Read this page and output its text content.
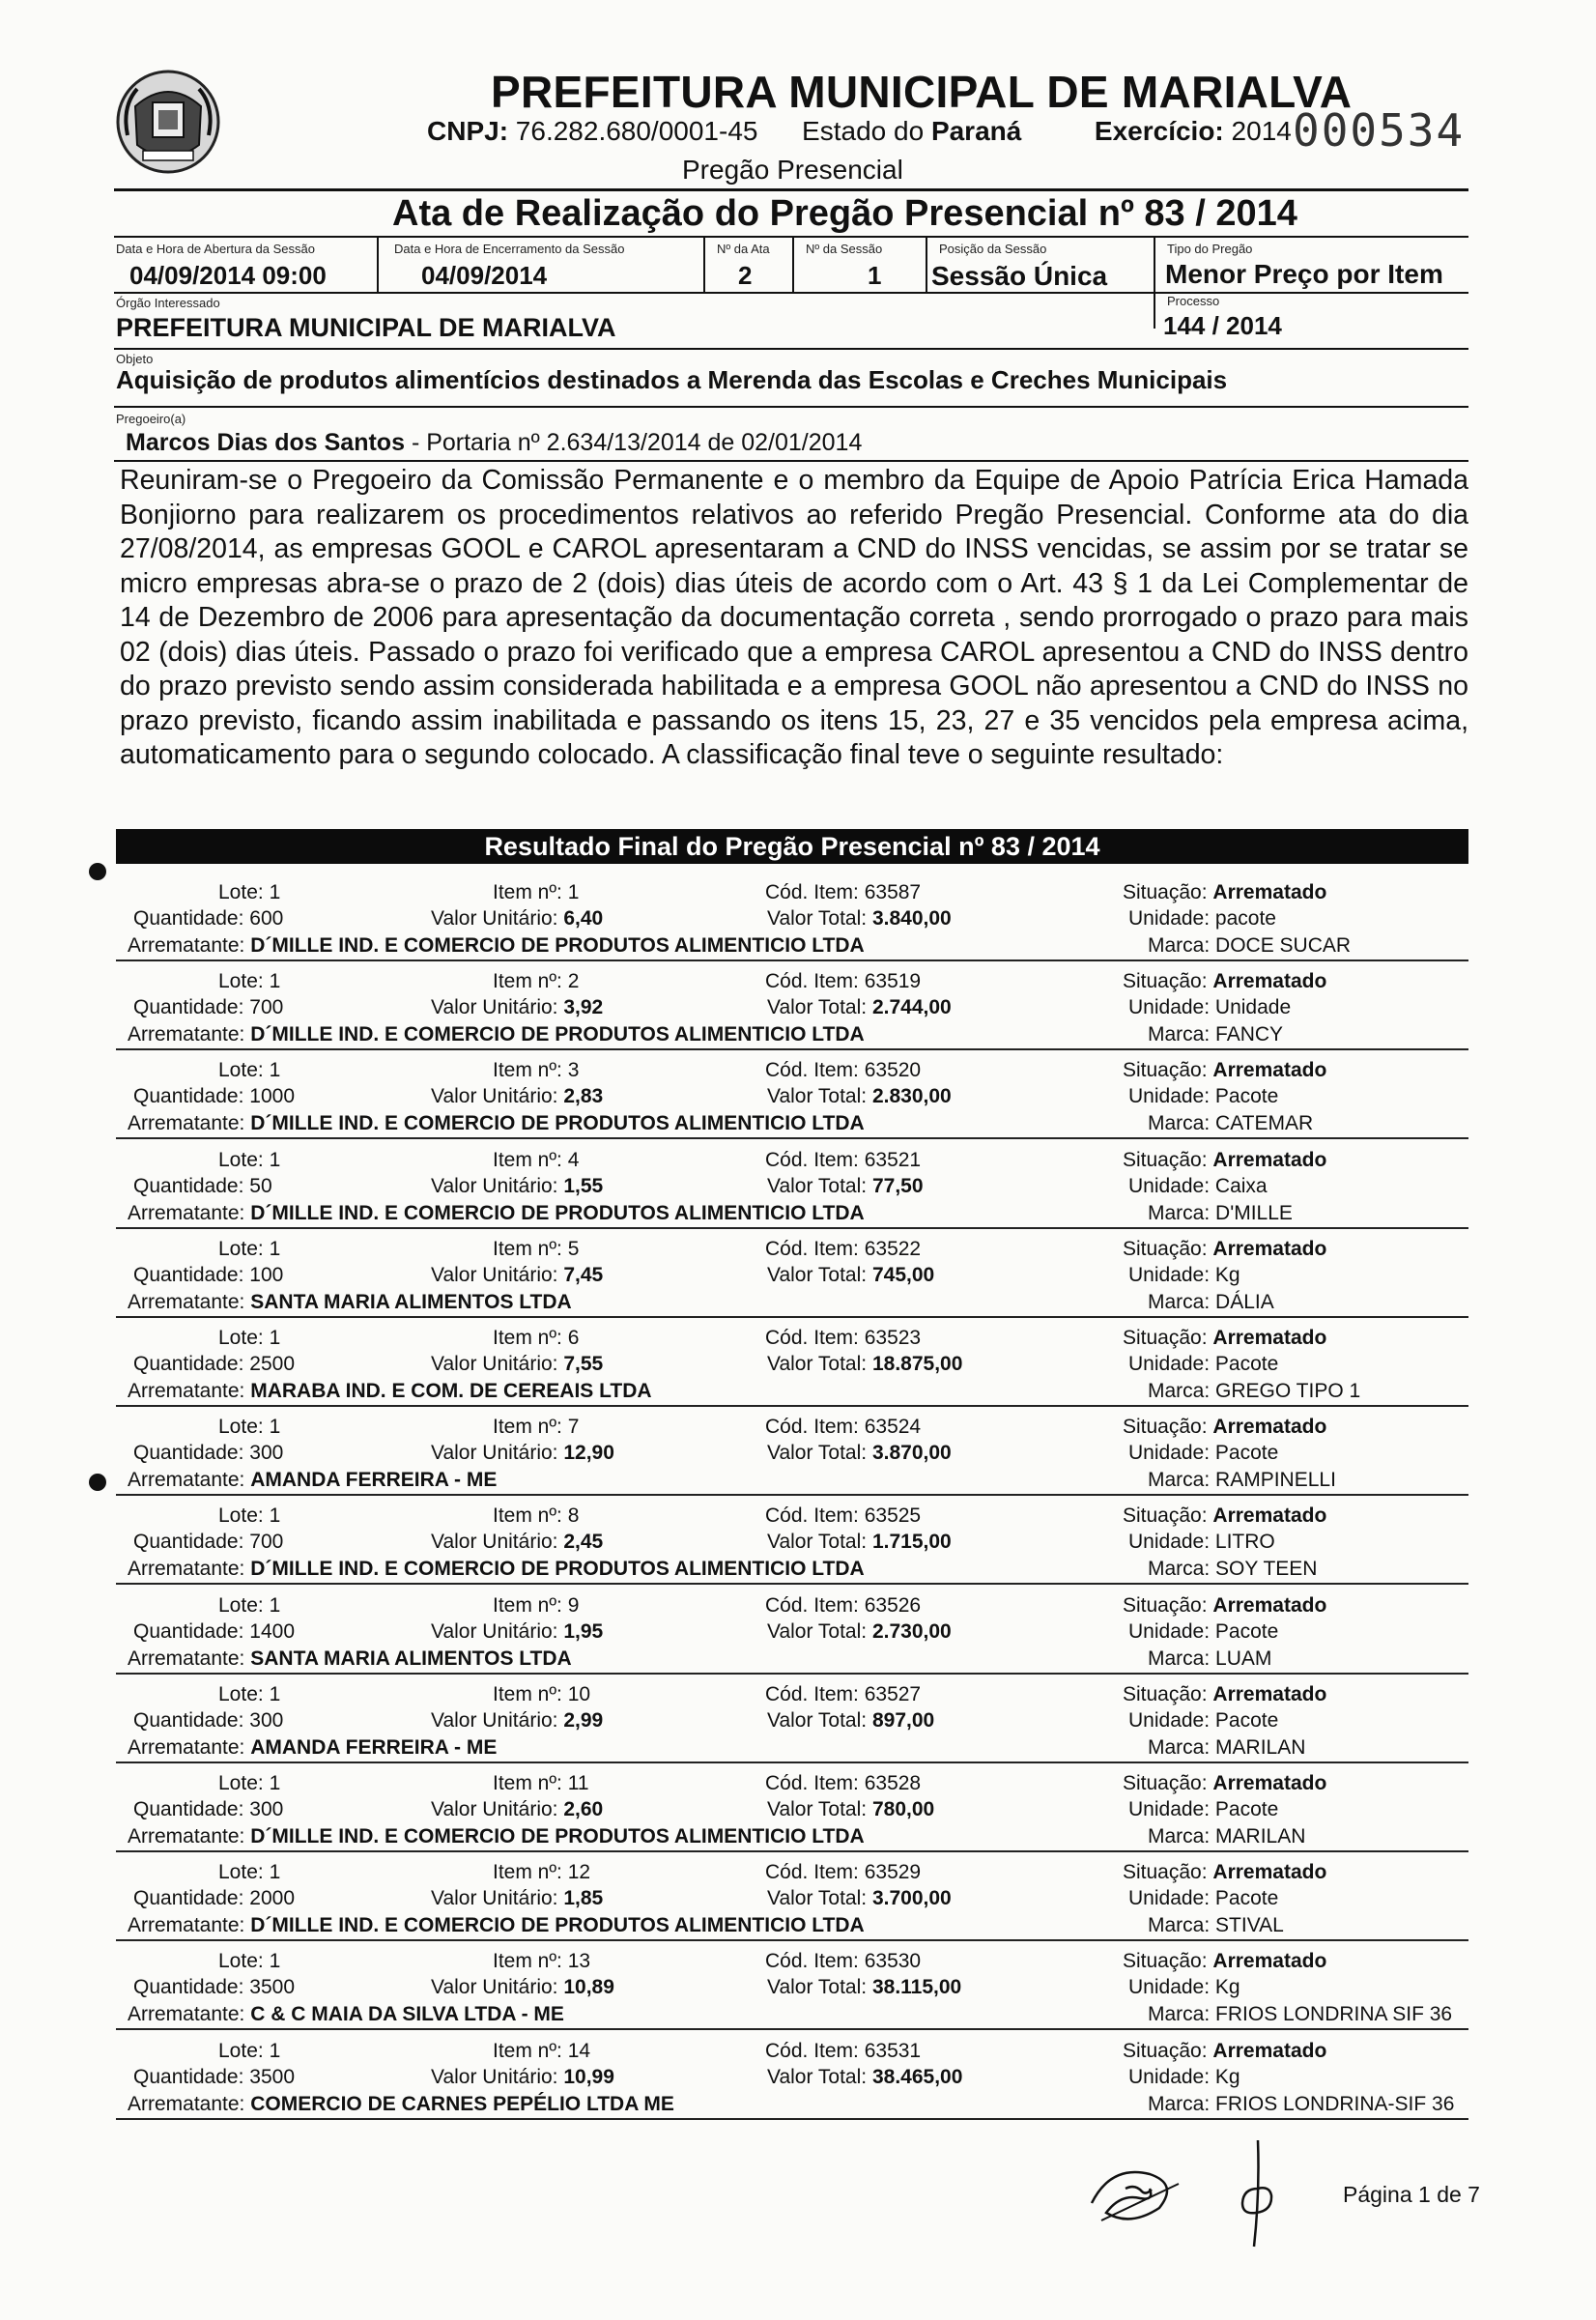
PREFEITURA MUNICIPAL DE MARIALVA
CNPJ: 76.282.680/0001-45 Estado do Paraná	Exercício: 2014
Pregão Presencial
000534
Ata de Realização do Pregão Presencial nº 83 / 2014
Data e Hora de Abertura da Sessão
04/09/2014 09:00
Data e Hora de Encerramento da Sessão
04/09/2014
Nº da Ata
2
Nº da Sessão
1
Posição da Sessão
Sessão Única
Tipo do Pregão
Menor Preço por Item
Órgão Interessado
PREFEITURA MUNICIPAL DE MARIALVA
Processo
144 / 2014
Objeto
Aquisição de produtos alimentícios destinados a Merenda das Escolas e Creches Municipais
Pregoeiro(a)
Marcos Dias dos Santos - Portaria nº 2.634/13/2014 de 02/01/2014

Reuniram-se o Pregoeiro da Comissão Permanente e o membro da Equipe de Apoio Patrícia Erica Hamada Bonjiorno para realizarem os procedimentos relativos ao referido Pregão Presencial. Conforme ata do dia 27/08/2014, as empresas GOOL e CAROL apresentaram a CND do INSS vencidas, se assim por se tratar se micro empresas abra-se o prazo de 2 (dois) dias úteis de acordo com o Art. 43 § 1 da Lei Complementar de 14 de Dezembro de 2006 para apresentação da documentação correta , sendo prorrogado o prazo para mais 02 (dois) dias úteis. Passado o prazo foi verificado que a empresa CAROL apresentou a CND do INSS dentro do prazo previsto sendo assim considerada habilitada e a empresa GOOL não apresentou a CND do INSS no prazo previsto, ficando assim inabilitada e passando os itens 15, 23, 27 e 35 vencidos pela empresa acima, automaticamento para o segundo colocado. A classificação final teve o seguinte resultado:

Resultado Final do Pregão Presencial nº 83 / 2014
Lote: 1	Item nº: 1	Cód. Item: 63587	Situação: Arrematado
Quantidade: 600	Valor Unitário: 6,40	Valor Total: 3.840,00	Unidade: pacote
Arrematante: D´MILLE IND. E COMERCIO DE PRODUTOS ALIMENTICIO LTDA	Marca: DOCE SUCAR
Lote: 1	Item nº: 2	Cód. Item: 63519	Situação: Arrematado
Quantidade: 700	Valor Unitário: 3,92	Valor Total: 2.744,00	Unidade: Unidade
Arrematante: D´MILLE IND. E COMERCIO DE PRODUTOS ALIMENTICIO LTDA	Marca: FANCY
Lote: 1	Item nº: 3	Cód. Item: 63520	Situação: Arrematado
Quantidade: 1000	Valor Unitário: 2,83	Valor Total: 2.830,00	Unidade: Pacote
Arrematante: D´MILLE IND. E COMERCIO DE PRODUTOS ALIMENTICIO LTDA	Marca: CATEMAR
Lote: 1	Item nº: 4	Cód. Item: 63521	Situação: Arrematado
Quantidade: 50	Valor Unitário: 1,55	Valor Total: 77,50	Unidade: Caixa
Arrematante: D´MILLE IND. E COMERCIO DE PRODUTOS ALIMENTICIO LTDA	Marca: D'MILLE
Lote: 1	Item nº: 5	Cód. Item: 63522	Situação: Arrematado
Quantidade: 100	Valor Unitário: 7,45	Valor Total: 745,00	Unidade: Kg
Arrematante: SANTA MARIA ALIMENTOS LTDA	Marca: DÁLIA
Lote: 1	Item nº: 6	Cód. Item: 63523	Situação: Arrematado
Quantidade: 2500	Valor Unitário: 7,55	Valor Total: 18.875,00	Unidade: Pacote
Arrematante: MARABA IND. E COM. DE CEREAIS LTDA	Marca: GREGO TIPO 1
Lote: 1	Item nº: 7	Cód. Item: 63524	Situação: Arrematado
Quantidade: 300	Valor Unitário: 12,90	Valor Total: 3.870,00	Unidade: Pacote
Arrematante: AMANDA FERREIRA - ME	Marca: RAMPINELLI
Lote: 1	Item nº: 8	Cód. Item: 63525	Situação: Arrematado
Quantidade: 700	Valor Unitário: 2,45	Valor Total: 1.715,00	Unidade: LITRO
Arrematante: D´MILLE IND. E COMERCIO DE PRODUTOS ALIMENTICIO LTDA	Marca: SOY TEEN
Lote: 1	Item nº: 9	Cód. Item: 63526	Situação: Arrematado
Quantidade: 1400	Valor Unitário: 1,95	Valor Total: 2.730,00	Unidade: Pacote
Arrematante: SANTA MARIA ALIMENTOS LTDA	Marca: LUAM
Lote: 1	Item nº: 10	Cód. Item: 63527	Situação: Arrematado
Quantidade: 300	Valor Unitário: 2,99	Valor Total: 897,00	Unidade: Pacote
Arrematante: AMANDA FERREIRA - ME	Marca: MARILAN
Lote: 1	Item nº: 11	Cód. Item: 63528	Situação: Arrematado
Quantidade: 300	Valor Unitário: 2,60	Valor Total: 780,00	Unidade: Pacote
Arrematante: D´MILLE IND. E COMERCIO DE PRODUTOS ALIMENTICIO LTDA	Marca: MARILAN
Lote: 1	Item nº: 12	Cód. Item: 63529	Situação: Arrematado
Quantidade: 2000	Valor Unitário: 1,85	Valor Total: 3.700,00	Unidade: Pacote
Arrematante: D´MILLE IND. E COMERCIO DE PRODUTOS ALIMENTICIO LTDA	Marca: STIVAL
Lote: 1	Item nº: 13	Cód. Item: 63530	Situação: Arrematado
Quantidade: 3500	Valor Unitário: 10,89	Valor Total: 38.115,00	Unidade: Kg
Arrematante: C & C MAIA DA SILVA LTDA - ME	Marca: FRIOS LONDRINA SIF 36
Lote: 1	Item nº: 14	Cód. Item: 63531	Situação: Arrematado
Quantidade: 3500	Valor Unitário: 10,99	Valor Total: 38.465,00	Unidade: Kg
Arrematante: COMERCIO DE CARNES PEPÉLIO LTDA ME	Marca: FRIOS LONDRINA-SIF 36
Página 1 de 7
